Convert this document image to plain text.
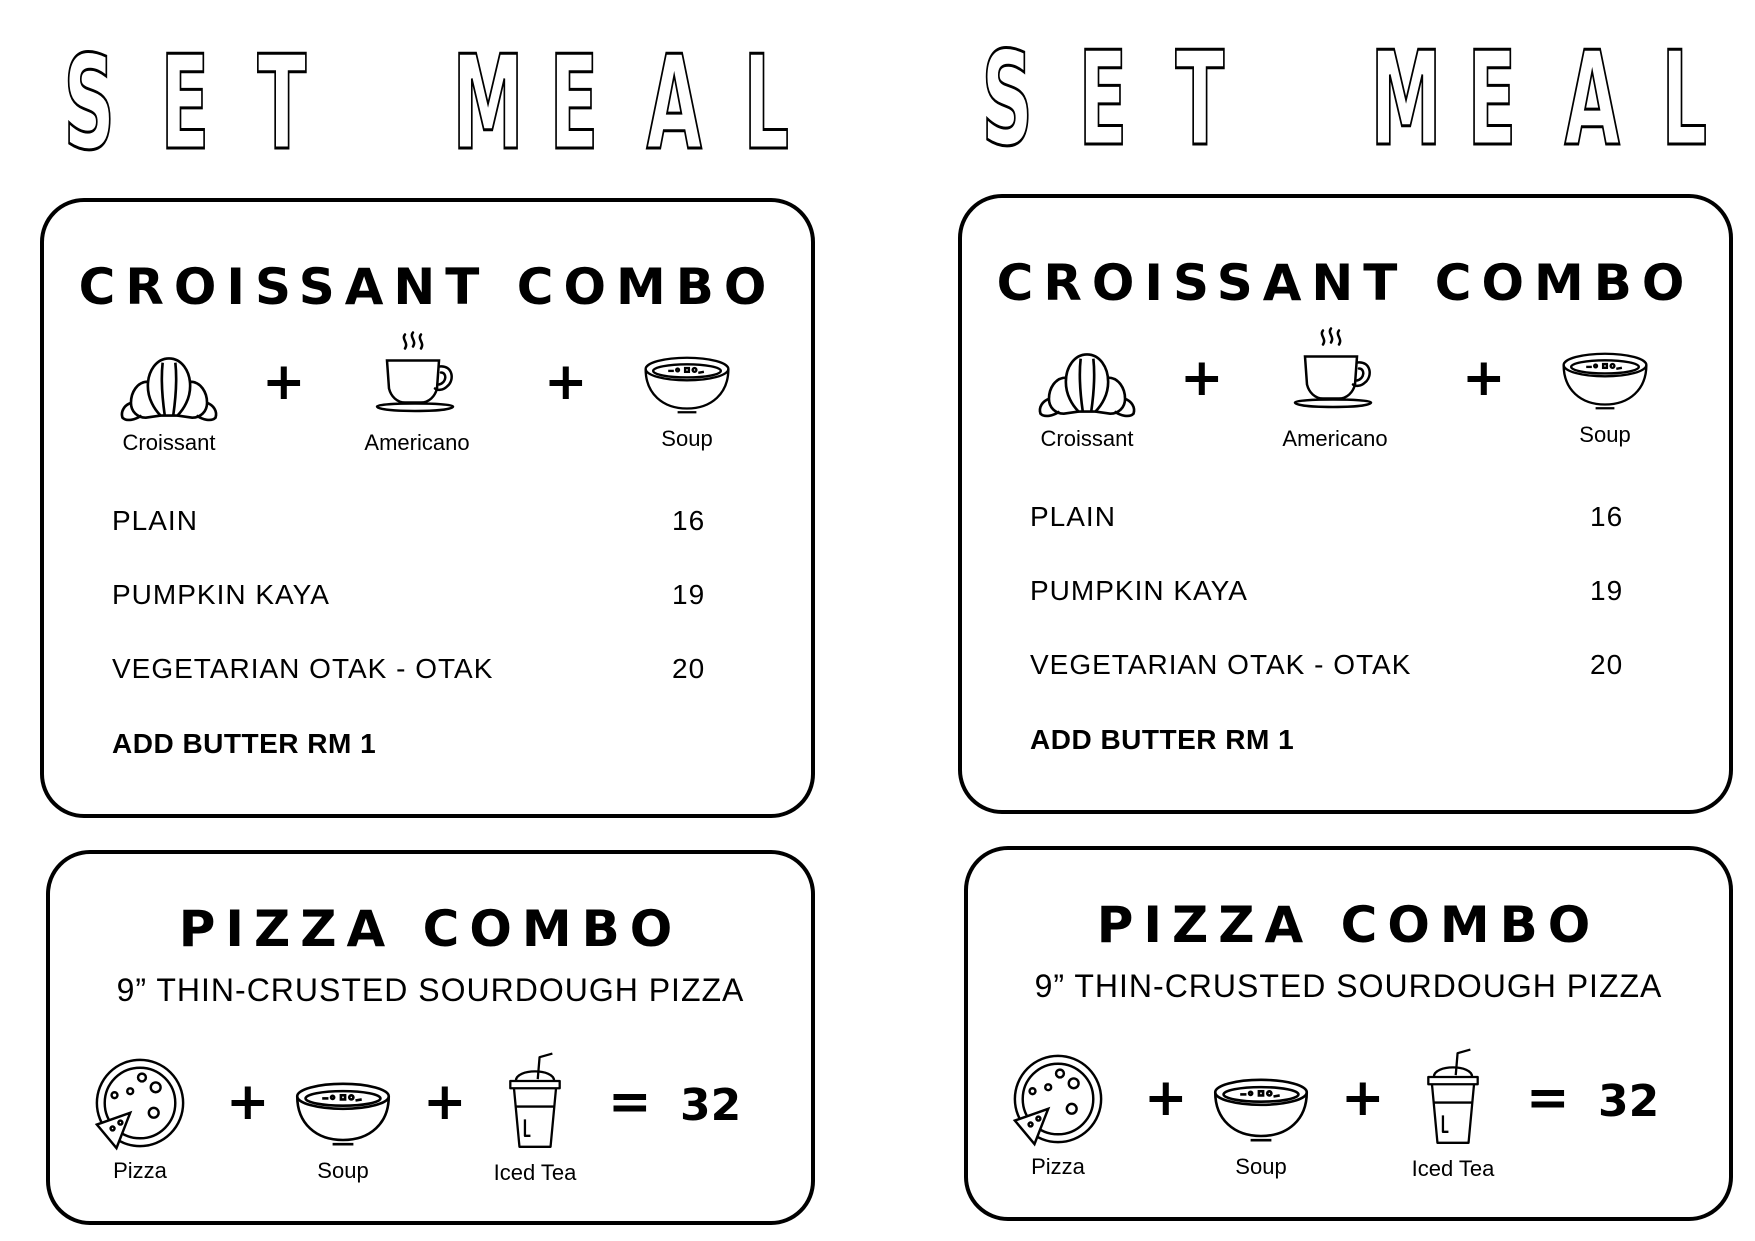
S E T M E A L
CROISSANT COMBO
Croissant
+
Americano
+
Soup
PLAIN	16
PUMPKIN KAYA	19
VEGETARIAN OTAK - OTAK	20
ADD BUTTER RM 1
PIZZA COMBO
9” THIN-CRUSTED SOURDOUGH PIZZA
Pizza
+
Soup
+
Iced Tea
= 32
S E T M E A L
CROISSANT COMBO
Croissant
+
Americano
+
Soup
PLAIN	16
PUMPKIN KAYA	19
VEGETARIAN OTAK - OTAK	20
ADD BUTTER RM 1
PIZZA COMBO
9” THIN-CRUSTED SOURDOUGH PIZZA
Pizza
+
Soup
+
Iced Tea
= 32
